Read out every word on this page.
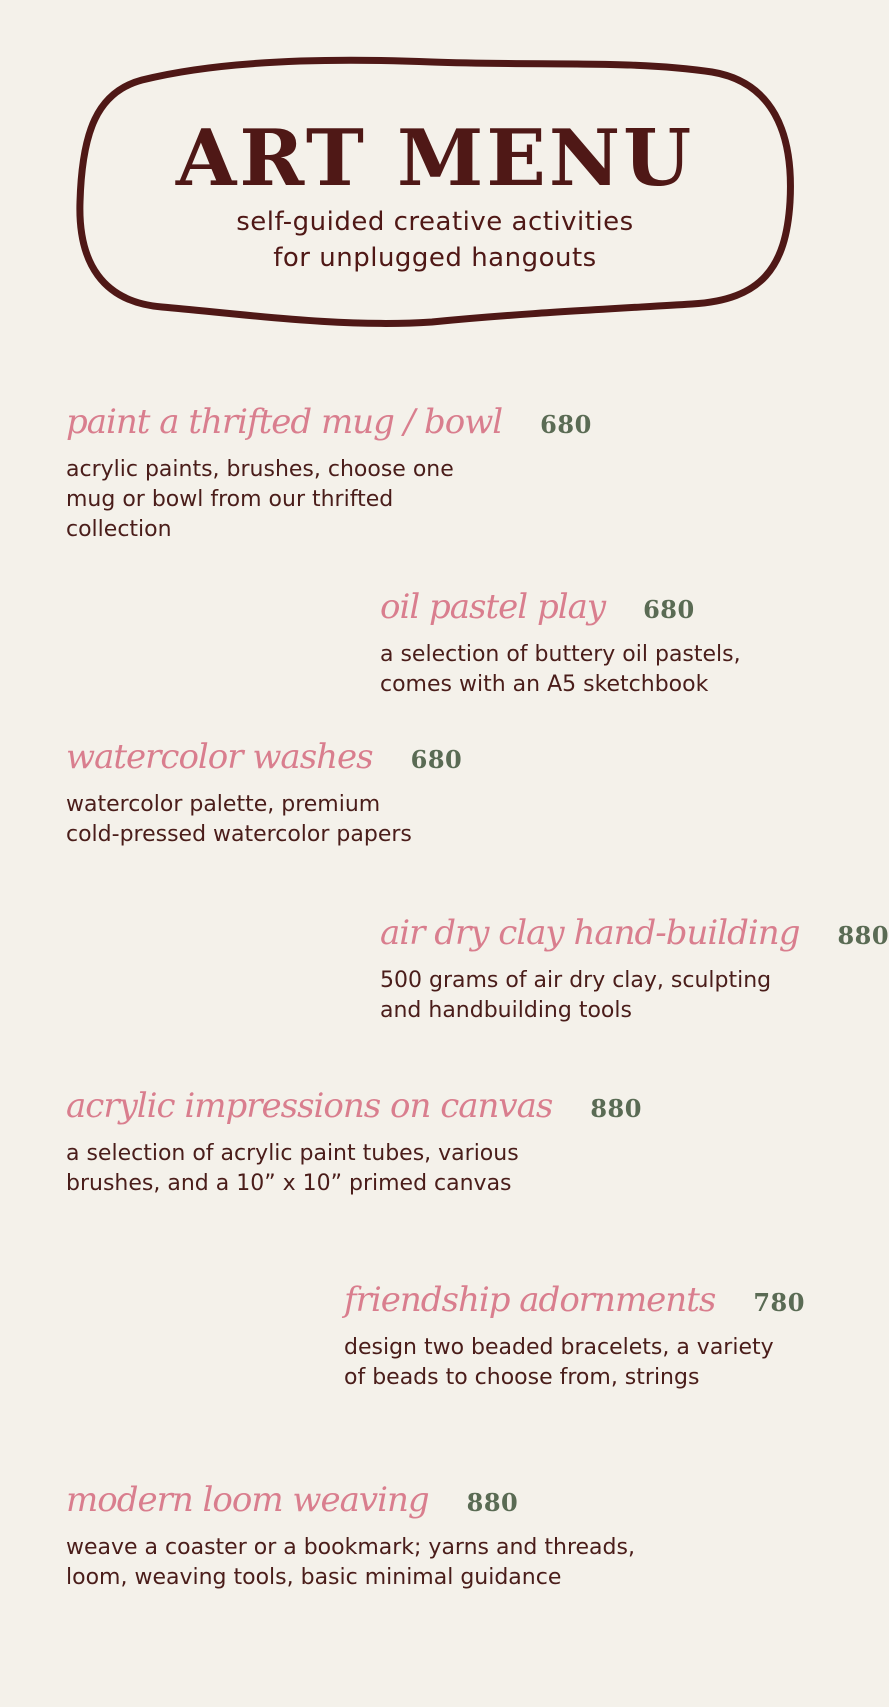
ART MENU
self-guided creative activities
for unplugged hangouts
paint a thrifted mug / bowl 680
acrylic paints, brushes, choose one
mug or bowl from our thrifted
collection
oil pastel play 680
a selection of buttery oil pastels,
comes with an A5 sketchbook
watercolor washes 680
watercolor palette, premium
cold-pressed watercolor papers
air dry clay hand-building 880
500 grams of air dry clay, sculpting
and handbuilding tools
acrylic impressions on canvas 880
a selection of acrylic paint tubes, various
brushes, and a 10” x 10” primed canvas
friendship adornments 780
design two beaded bracelets, a variety
of beads to choose from, strings
modern loom weaving 880
weave a coaster or a bookmark; yarns and threads,
loom, weaving tools, basic minimal guidance
